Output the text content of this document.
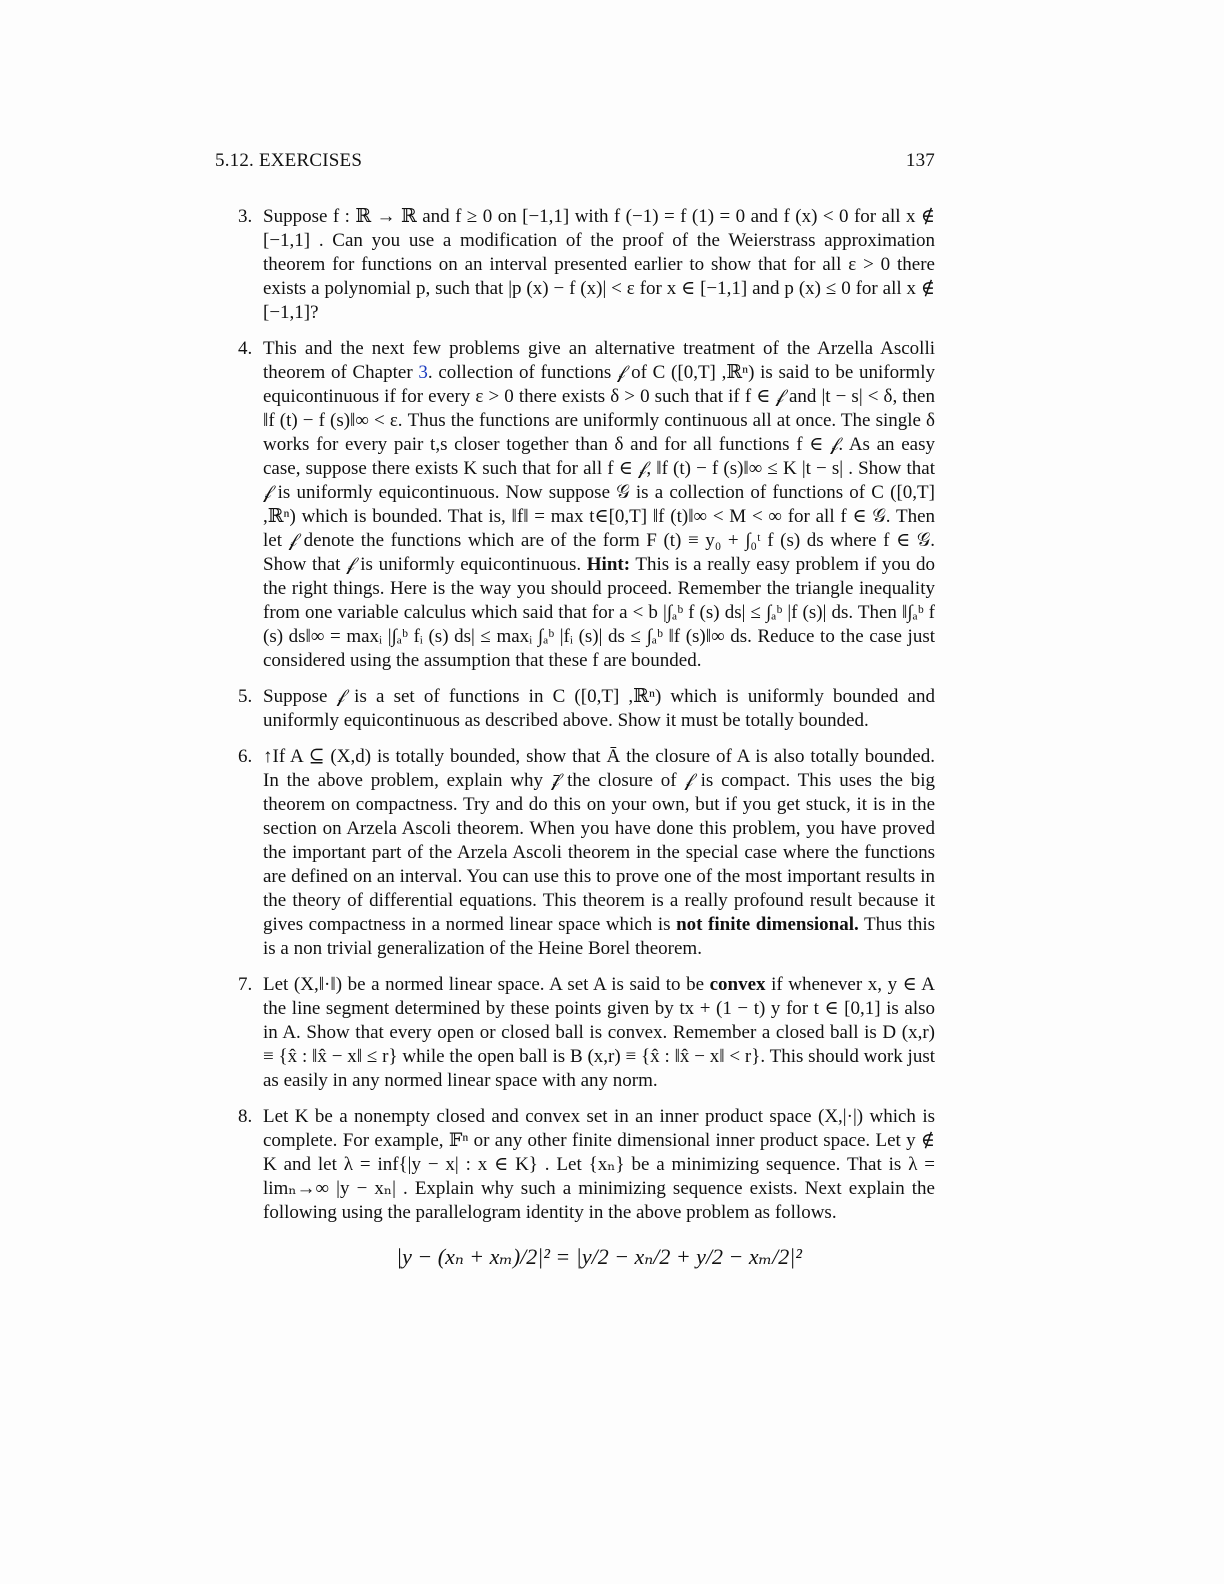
5.12. EXERCISES	137
3. Suppose f : ℝ → ℝ and f ≥ 0 on [−1,1] with f (−1) = f (1) = 0 and f (x) < 0 for all x ∉ [−1,1] . Can you use a modification of the proof of the Weierstrass approximation theorem for functions on an interval presented earlier to show that for all ε > 0 there exists a polynomial p, such that |p (x) − f (x)| < ε for x ∈ [−1,1] and p (x) ≤ 0 for all x ∉ [−1,1]?

4. This and the next few problems give an alternative treatment of the Arzella Ascolli theorem of Chapter 3. collection of functions 𝒻 of C ([0,T] ,ℝⁿ) is said to be uniformly equicontinuous if for every ε > 0 there exists δ > 0 such that if f ∈ 𝒻 and |t − s| < δ, then ‖f (t) − f (s)‖∞ < ε. Thus the functions are uniformly continuous all at once. The single δ works for every pair t,s closer together than δ and for all functions f ∈ 𝒻. As an easy case, suppose there exists K such that for all f ∈ 𝒻, ‖f (t) − f (s)‖∞ ≤ K |t − s| . Show that 𝒻 is uniformly equicontinuous. Now suppose 𝒢 is a collection of functions of C ([0,T] ,ℝⁿ) which is bounded. That is, ‖f‖ = max t∈[0,T] ‖f (t)‖∞ < M < ∞ for all f ∈ 𝒢. Then let 𝒻 denote the functions which are of the form F (t) ≡ y₀ + ∫₀ᵗ f (s) ds where f ∈ 𝒢. Show that 𝒻 is uniformly equicontinuous. Hint: This is a really easy problem if you do the right things. Here is the way you should proceed. Remember the triangle inequality from one variable calculus which said that for a < b |∫ₐᵇ f (s) ds| ≤ ∫ₐᵇ |f (s)| ds. Then ‖∫ₐᵇ f (s) ds‖∞ = maxᵢ |∫ₐᵇ fᵢ (s) ds| ≤ maxᵢ ∫ₐᵇ |fᵢ (s)| ds ≤ ∫ₐᵇ ‖f (s)‖∞ ds. Reduce to the case just considered using the assumption that these f are bounded.

5. Suppose 𝒻 is a set of functions in C ([0,T] ,ℝⁿ) which is uniformly bounded and uniformly equicontinuous as described above. Show it must be totally bounded.

6. ↑If A ⊆ (X,d) is totally bounded, show that Ā the closure of A is also totally bounded. In the above problem, explain why 𝒻̄ the closure of 𝒻 is compact. This uses the big theorem on compactness. Try and do this on your own, but if you get stuck, it is in the section on Arzela Ascoli theorem. When you have done this problem, you have proved the important part of the Arzela Ascoli theorem in the special case where the functions are defined on an interval. You can use this to prove one of the most important results in the theory of differential equations. This theorem is a really profound result because it gives compactness in a normed linear space which is not finite dimensional. Thus this is a non trivial generalization of the Heine Borel theorem.

7. Let (X,‖·‖) be a normed linear space. A set A is said to be convex if whenever x, y ∈ A the line segment determined by these points given by tx + (1 − t) y for t ∈ [0,1] is also in A. Show that every open or closed ball is convex. Remember a closed ball is D (x,r) ≡ {x̂ : ‖x̂ − x‖ ≤ r} while the open ball is B (x,r) ≡ {x̂ : ‖x̂ − x‖ < r}. This should work just as easily in any normed linear space with any norm.

8. Let K be a nonempty closed and convex set in an inner product space (X,|·|) which is complete. For example, 𝔽ⁿ or any other finite dimensional inner product space. Let y ∉ K and let λ = inf{|y − x| : x ∈ K} . Let {xₙ} be a minimizing sequence. That is λ = limₙ→∞ |y − xₙ| . Explain why such a minimizing sequence exists. Next explain the following using the parallelogram identity in the above problem as follows.

|y − (xₙ + xₘ)/2|² = |y/2 − xₙ/2 + y/2 − xₘ/2|²
